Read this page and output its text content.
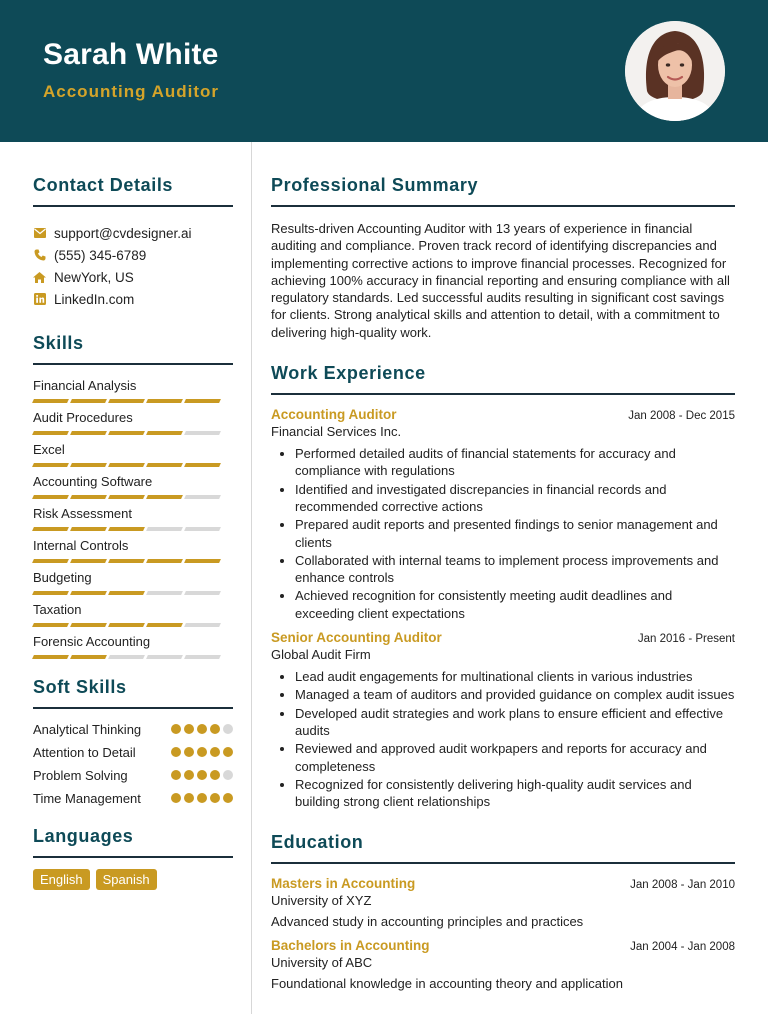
Sarah White
Accounting Auditor
Contact Details
support@cvdesigner.ai
(555) 345-6789
NewYork, US
LinkedIn.com
Skills
Financial Analysis
Audit Procedures
Excel
Accounting Software
Risk Assessment
Internal Controls
Budgeting
Taxation
Forensic Accounting
Soft Skills
Analytical Thinking
Attention to Detail
Problem Solving
Time Management
Languages
English	Spanish
Professional Summary
Results-driven Accounting Auditor with 13 years of experience in financial auditing and compliance. Proven track record of identifying discrepancies and implementing corrective actions to improve financial processes. Recognized for achieving 100% accuracy in financial reporting and ensuring compliance with all regulatory standards. Led successful audits resulting in significant cost savings for clients. Strong analytical skills and attention to detail, with a commitment to delivering high-quality work.
Work Experience
Accounting Auditor	Jan 2008 - Dec 2015
Financial Services Inc.
• Performed detailed audits of financial statements for accuracy and compliance with regulations
• Identified and investigated discrepancies in financial records and recommended corrective actions
• Prepared audit reports and presented findings to senior management and clients
• Collaborated with internal teams to implement process improvements and enhance controls
• Achieved recognition for consistently meeting audit deadlines and exceeding client expectations
Senior Accounting Auditor	Jan 2016 - Present
Global Audit Firm
• Lead audit engagements for multinational clients in various industries
• Managed a team of auditors and provided guidance on complex audit issues
• Developed audit strategies and work plans to ensure efficient and effective audits
• Reviewed and approved audit workpapers and reports for accuracy and completeness
• Recognized for consistently delivering high-quality audit services and building strong client relationships
Education
Masters in Accounting	Jan 2008 - Jan 2010
University of XYZ
Advanced study in accounting principles and practices
Bachelors in Accounting	Jan 2004 - Jan 2008
University of ABC
Foundational knowledge in accounting theory and application
